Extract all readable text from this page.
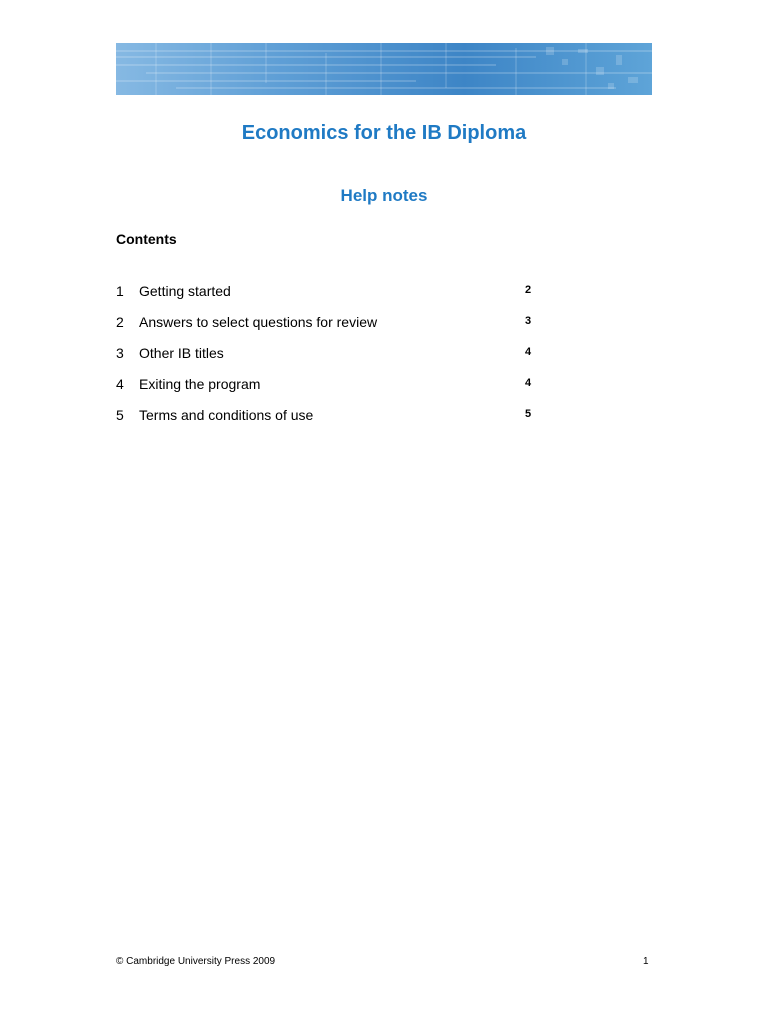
Economics for the IB Diploma
Help notes
Contents
1 Getting started	2
2 Answers to select questions for review	3
3 Other IB titles	4
4 Exiting the program	4
5 Terms and conditions of use	5
© Cambridge University Press 2009	1
